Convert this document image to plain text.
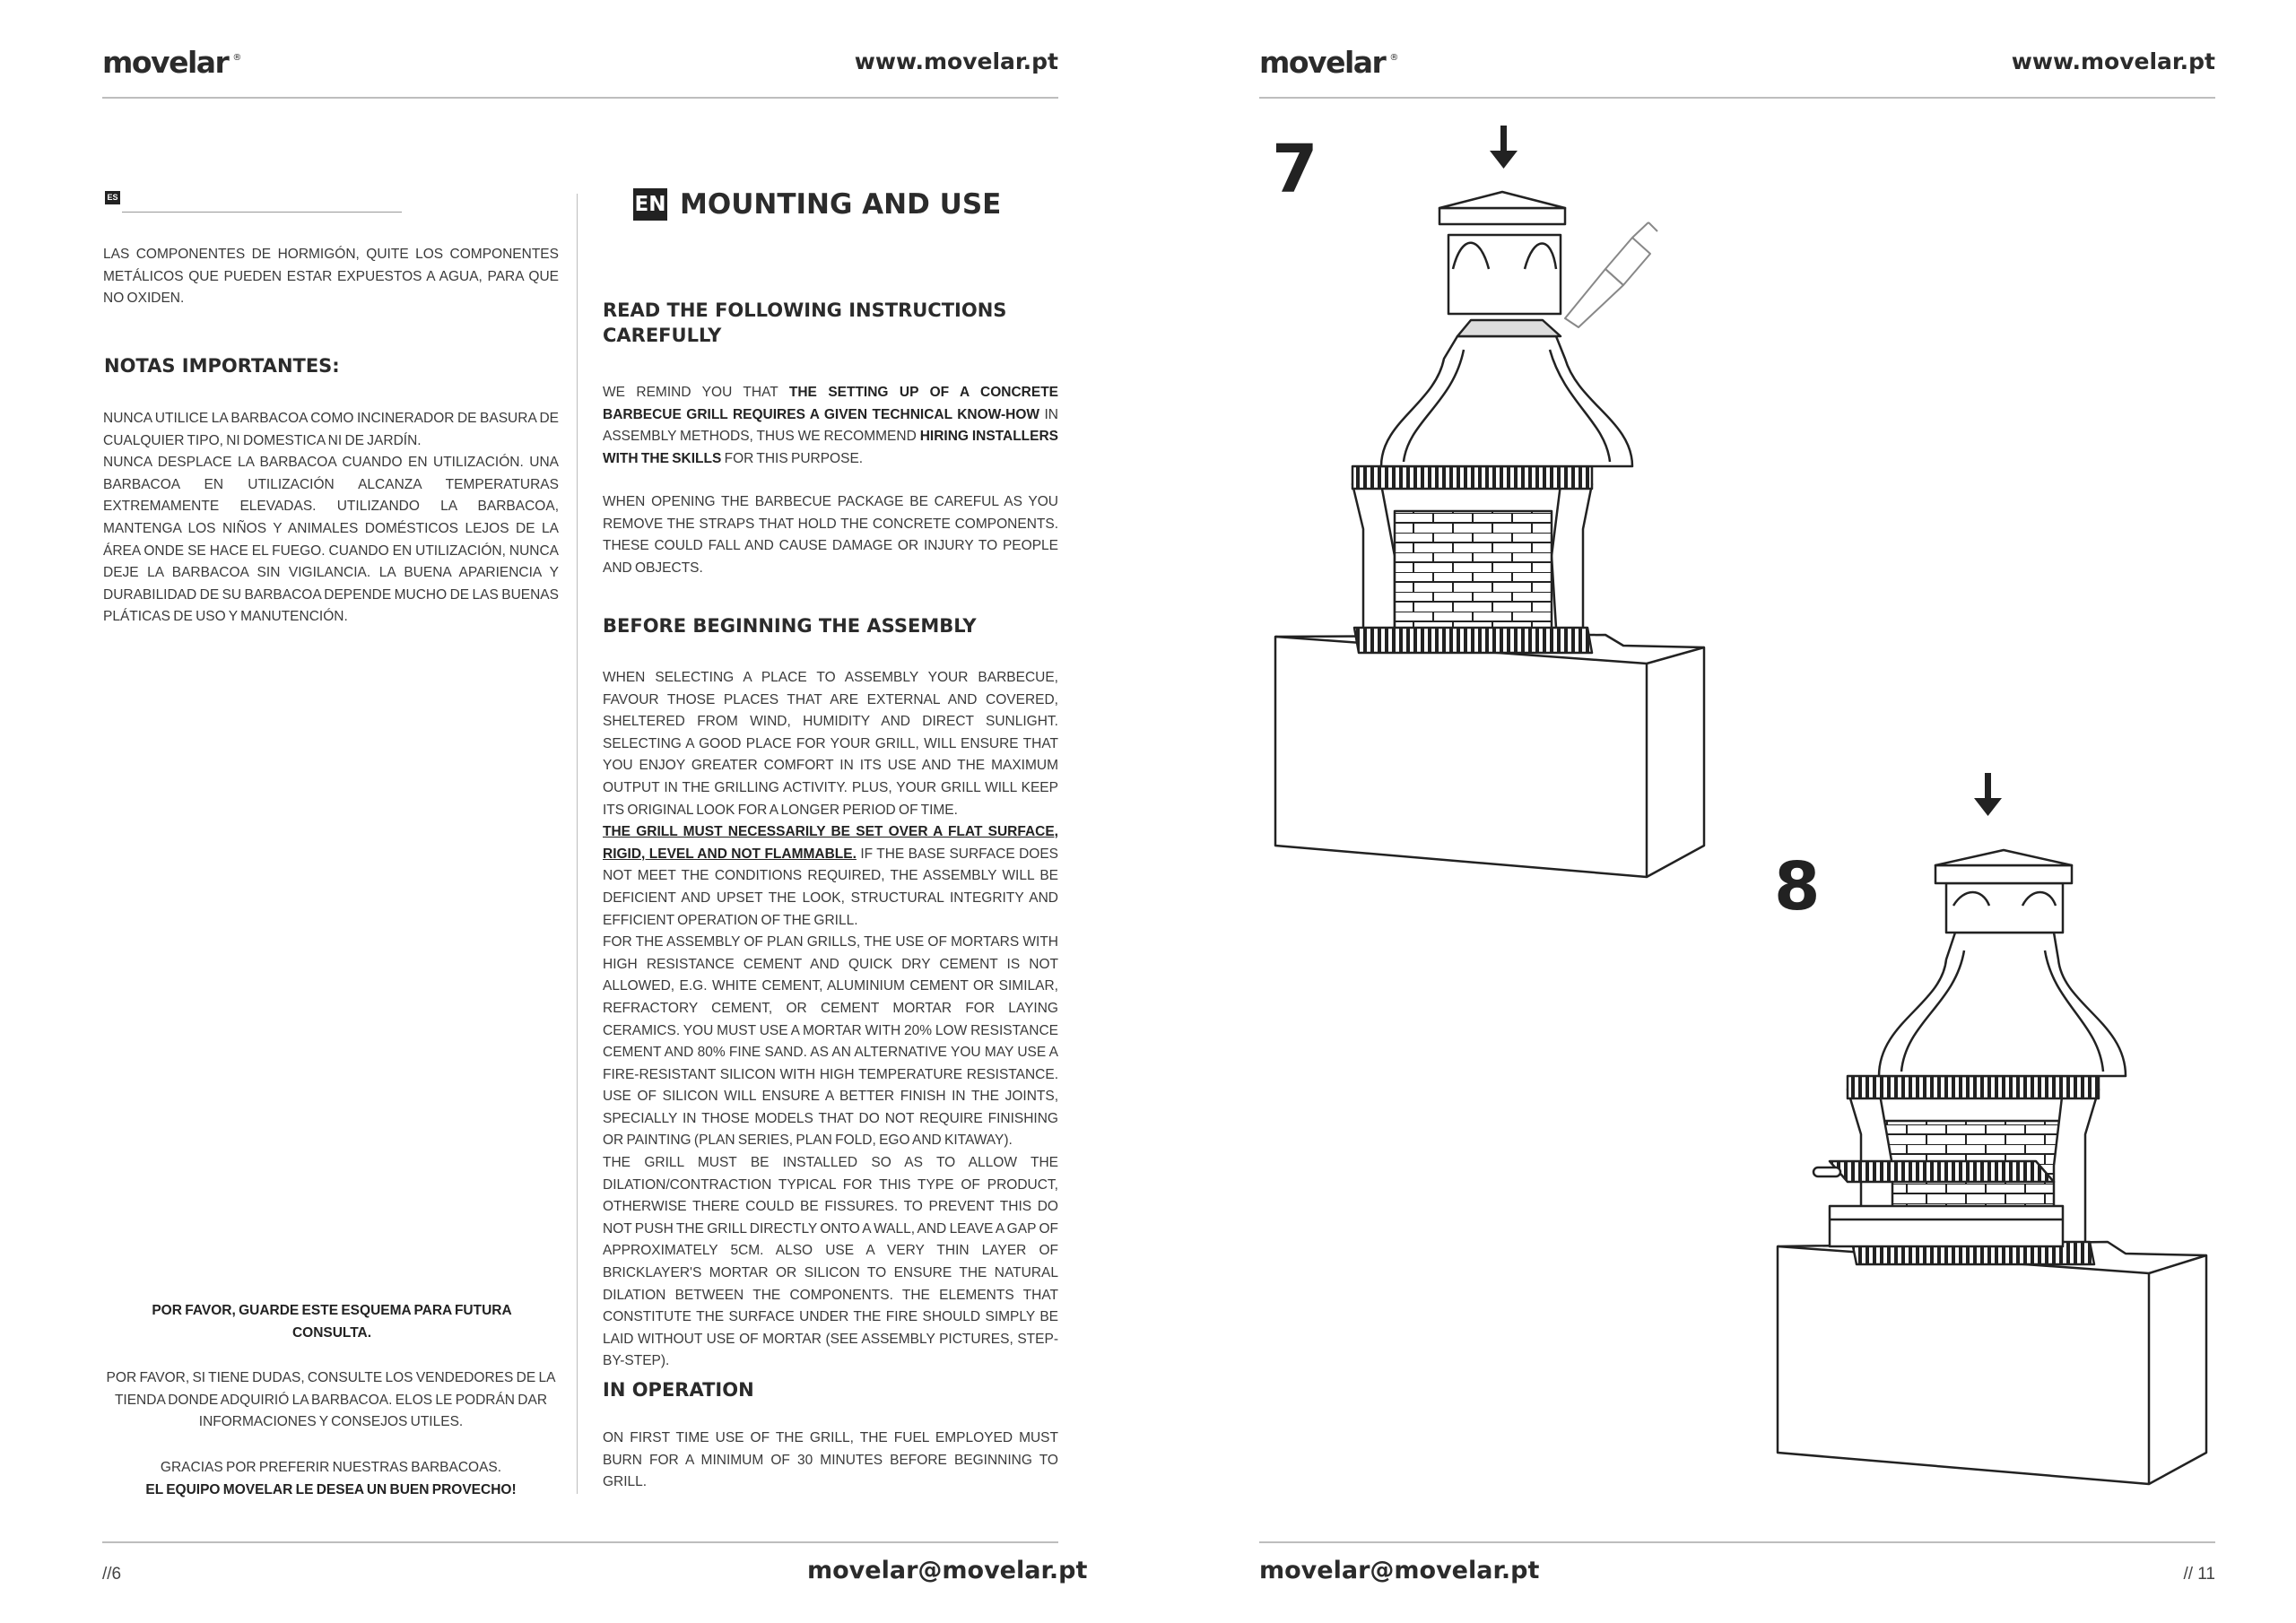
movelar ®	www.movelar.pt
ES

LAS COMPONENTES DE HORMIGÓN, QUITE LOS COMPONENTES METÁLICOS QUE PUEDEN ESTAR EXPUESTOS A AGUA, PARA QUE NO OXIDEN.

NOTAS IMPORTANTES:

NUNCA UTILICE LA BARBACOA COMO INCINERADOR DE BASURA DE CUALQUIER TIPO, NI DOMESTICA NI DE JARDÍN.

NUNCA DESPLACE LA BARBACOA CUANDO EN UTILIZACIÓN. UNA BARBACOA EN UTILIZACIÓN ALCANZA TEMPERATURAS EXTREMAMENTE ELEVADAS. UTILIZANDO LA BARBACOA, MANTENGA LOS NIÑOS Y ANIMALES DOMÉSTICOS LEJOS DE LA ÁREA ONDE SE HACE EL FUEGO. CUANDO EN UTILIZACIÓN, NUNCA DEJE LA BARBACOA SIN VIGILANCIA. LA BUENA APARIENCIA Y DURABILIDAD DE SU BARBACOA DEPENDE MUCHO DE LAS BUENAS PLÁTICAS DE USO Y MANUTENCIÓN.

POR FAVOR, GUARDE ESTE ESQUEMA PARA FUTURA CONSULTA.

POR FAVOR, SI TIENE DUDAS, CONSULTE LOS VENDEDORES DE LA TIENDA DONDE ADQUIRIÓ LA BARBACOA. ELOS LE PODRÁN DAR INFORMACIONES Y CONSEJOS UTILES.

GRACIAS POR PREFERIR NUESTRAS BARBACOAS.

EL EQUIPO MOVELAR LE DESEA UN BUEN PROVECHO!

EN MOUNTING AND USE
READ THE FOLLOWING INSTRUCTIONS CAREFULLY

WE REMIND YOU THAT THE SETTING UP OF A CONCRETE BARBECUE GRILL REQUIRES A GIVEN TECHNICAL KNOW-HOW IN ASSEMBLY METHODS, THUS WE RECOMMEND HIRING INSTALLERS WITH THE SKILLS FOR THIS PURPOSE.

WHEN OPENING THE BARBECUE PACKAGE BE CAREFUL AS YOU REMOVE THE STRAPS THAT HOLD THE CONCRETE COMPONENTS. THESE COULD FALL AND CAUSE DAMAGE OR INJURY TO PEOPLE AND OBJECTS.

BEFORE BEGINNING THE ASSEMBLY

WHEN SELECTING A PLACE TO ASSEMBLY YOUR BARBECUE, FAVOUR THOSE PLACES THAT ARE EXTERNAL AND COVERED, SHELTERED FROM WIND, HUMIDITY AND DIRECT SUNLIGHT. SELECTING A GOOD PLACE FOR YOUR GRILL, WILL ENSURE THAT YOU ENJOY GREATER COMFORT IN ITS USE AND THE MAXIMUM OUTPUT IN THE GRILLING ACTIVITY. PLUS, YOUR GRILL WILL KEEP ITS ORIGINAL LOOK FOR A LONGER PERIOD OF TIME.

THE GRILL MUST NECESSARILY BE SET OVER A FLAT SURFACE, RIGID, LEVEL AND NOT FLAMMABLE. IF THE BASE SURFACE DOES NOT MEET THE CONDITIONS REQUIRED, THE ASSEMBLY WILL BE DEFICIENT AND UPSET THE LOOK, STRUCTURAL INTEGRITY AND EFFICIENT OPERATION OF THE GRILL.

FOR THE ASSEMBLY OF PLAN GRILLS, THE USE OF MORTARS WITH HIGH RESISTANCE CEMENT AND QUICK DRY CEMENT IS NOT ALLOWED, E.G. WHITE CEMENT, ALUMINIUM CEMENT OR SIMILAR, REFRACTORY CEMENT, OR CEMENT MORTAR FOR LAYING CERAMICS. YOU MUST USE A MORTAR WITH 20% LOW RESISTANCE CEMENT AND 80% FINE SAND. AS AN ALTERNATIVE YOU MAY USE A FIRE-RESISTANT SILICON WITH HIGH TEMPERATURE RESISTANCE. USE OF SILICON WILL ENSURE A BETTER FINISH IN THE JOINTS, SPECIALLY IN THOSE MODELS THAT DO NOT REQUIRE FINISHING OR PAINTING (PLAN SERIES, PLAN FOLD, EGO AND KITAWAY).

THE GRILL MUST BE INSTALLED SO AS TO ALLOW THE DILATION/CONTRACTION TYPICAL FOR THIS TYPE OF PRODUCT, OTHERWISE THERE COULD BE FISSURES. TO PREVENT THIS DO NOT PUSH THE GRILL DIRECTLY ONTO A WALL, AND LEAVE A GAP OF APPROXIMATELY 5CM. ALSO USE A VERY THIN LAYER OF BRICKLAYER'S MORTAR OR SILICON TO ENSURE THE NATURAL DILATION BETWEEN THE COMPONENTS. THE ELEMENTS THAT CONSTITUTE THE SURFACE UNDER THE FIRE SHOULD SIMPLY BE LAID WITHOUT USE OF MORTAR (SEE ASSEMBLY PICTURES, STEP-BY-STEP).

IN OPERATION

ON FIRST TIME USE OF THE GRILL, THE FUEL EMPLOYED MUST BURN FOR A MINIMUM OF 30 MINUTES BEFORE BEGINNING TO GRILL.

//6	movelar@movelar.pt
movelar ®	www.movelar.pt
7
8
movelar@movelar.pt	// 11
